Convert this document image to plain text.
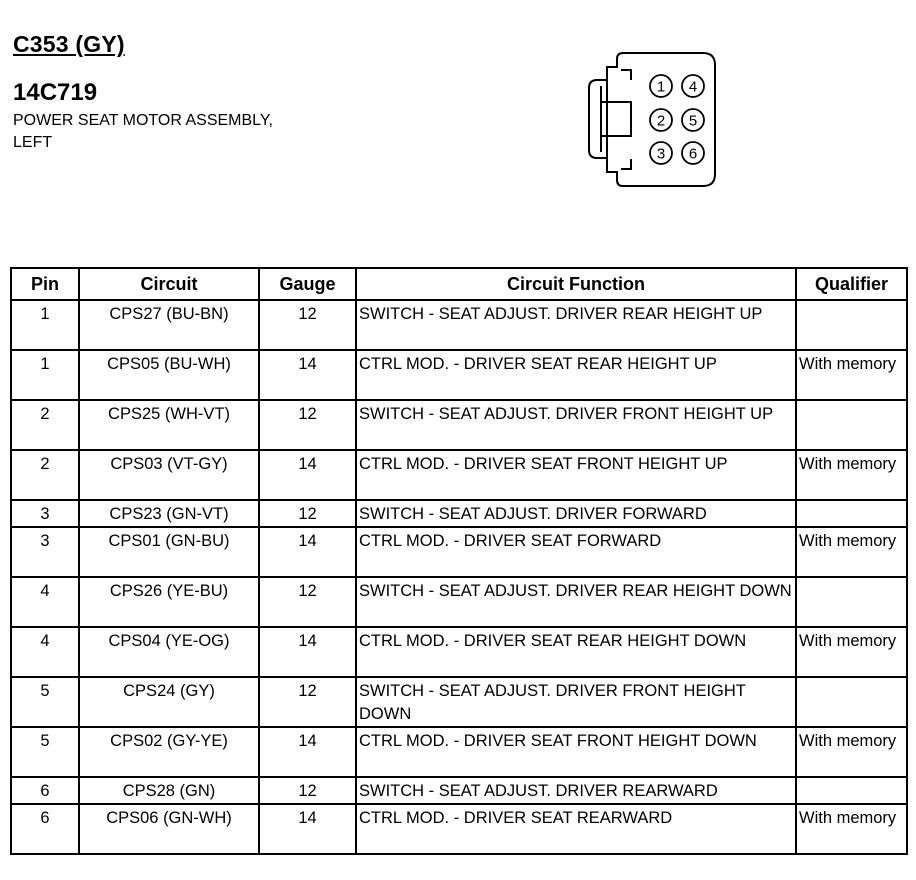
C353 (GY)
14C719
POWER SEAT MOTOR ASSEMBLY,
LEFT
1 4
2 5
3 6
Pin	Circuit	Gauge	Circuit Function	Qualifier
1	CPS27 (BU-BN)	12	SWITCH - SEAT ADJUST. DRIVER REAR HEIGHT UP	
1	CPS05 (BU-WH)	14	CTRL MOD. - DRIVER SEAT REAR HEIGHT UP	With memory
2	CPS25 (WH-VT)	12	SWITCH - SEAT ADJUST. DRIVER FRONT HEIGHT UP	
2	CPS03 (VT-GY)	14	CTRL MOD. - DRIVER SEAT FRONT HEIGHT UP	With memory
3	CPS23 (GN-VT)	12	SWITCH - SEAT ADJUST. DRIVER FORWARD	
3	CPS01 (GN-BU)	14	CTRL MOD. - DRIVER SEAT FORWARD	With memory
4	CPS26 (YE-BU)	12	SWITCH - SEAT ADJUST. DRIVER REAR HEIGHT DOWN	
4	CPS04 (YE-OG)	14	CTRL MOD. - DRIVER SEAT REAR HEIGHT DOWN	With memory
5	CPS24 (GY)	12	SWITCH - SEAT ADJUST. DRIVER FRONT HEIGHT DOWN	
5	CPS02 (GY-YE)	14	CTRL MOD. - DRIVER SEAT FRONT HEIGHT DOWN	With memory
6	CPS28 (GN)	12	SWITCH - SEAT ADJUST. DRIVER REARWARD	
6	CPS06 (GN-WH)	14	CTRL MOD. - DRIVER SEAT REARWARD	With memory
